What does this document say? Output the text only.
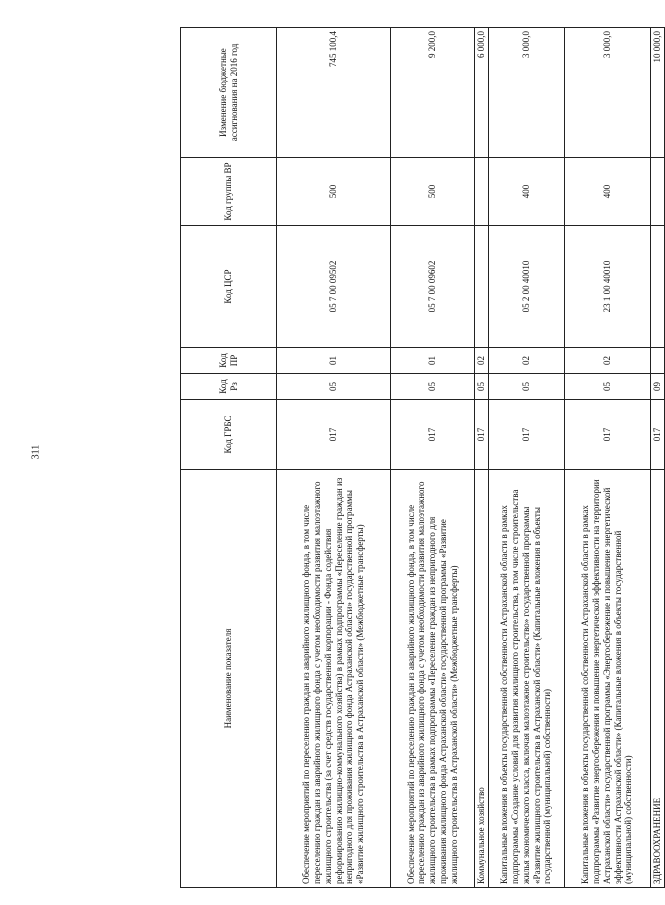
311
Наименование показателя	Код ГРБС	Код Рз	Код ПР	Код ЦСР	Код группы ВР	Изменение бюджетные ассигнования на 2016 год
Обеспечение мероприятий по переселению граждан из аварийного жилищного фонда, в том числе переселению граждан из аварийного жилищного фонда с учетом необходимости развития малоэтажного жилищного строительства (за счет средств государственной корпорации - Фонда содействия реформированию жилищно-коммунального хозяйства) в рамках подпрограммы «Переселение граждан из непригодного для проживания жилищного фонда Астраханской области» государственной программы «Развитие жилищного строительства в Астраханской области» (Межбюджетные трансферты)	017	05	01	05 7 00 09502	500	745 100,4
Обеспечение мероприятий по переселению граждан из аварийного жилищного фонда, в том числе переселению граждан из аварийного жилищного фонда с учетом необходимости развития малоэтажного жилищного строительства в рамках подпрограммы «Переселение граждан из непригодного для проживания жилищного фонда Астраханской области» государственной программы «Развитие жилищного строительства в Астраханской области» (Межбюджетные трансферты)	017	05	01	05 7 00 09602	500	9 200,0
Коммунальное хозяйство	017	05	02			6 000,0
Капитальные вложения в объекты государственной собственности Астраханской области в рамках подпрограммы «Создание условий для развития жилищного строительства, в том числе строительства жилья экономического класса, включая малоэтажное строительство» государственной программы «Развитие жилищного строительства в Астраханской области» (Капитальные вложения в объекты государственной (муниципальной) собственности)	017	05	02	05 2 00 40010	400	3 000,0
Капитальные вложения в объекты государственной собственности Астраханской области в рамках подпрограммы «Развитие энергосбережения и повышение энергетической эффективности на территории Астраханской области» государственной программы «Энергосбережение и повышение энергетической эффективности Астраханской области» (Капитальные вложения в объекты государственной (муниципальной) собственности)	017	05	02	23 1 00 40010	400	3 000,0
ЗДРАВООХРАНЕНИЕ	017	09				10 000,0
